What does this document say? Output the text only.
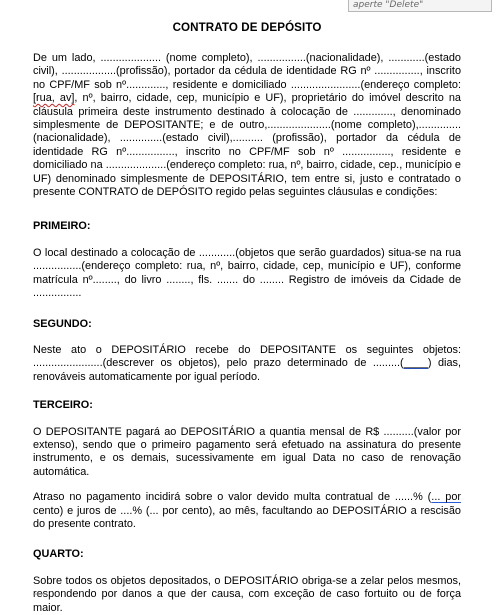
aperte "Delete"
CONTRATO DE DEPÓSITO

De um lado, .................... (nome completo), ................(nacionalidade), ............(estado civil), ..................(profissão), portador da cédula de identidade RG nº ..............., inscrito no CPF/MF sob nº............., residente e domiciliado .......................(endereço completo: [rua, av], nº, bairro, cidade, cep, município e UF), proprietário do imóvel descrito na cláusula primeira deste instrumento destinado à colocação de ............., denominado simplesmente de DEPOSITANTE; e de outro,.....................(nome completo),..............(nacionalidade), ..............(estado civil),.......... (profissão), portador da cédula de identidade RG nº................, inscrito no CPF/MF sob nº ................, residente e domiciliado na ....................(endereço completo: rua, nº, bairro, cidade, cep., município e UF) denominado simplesmente de DEPOSITÁRIO, tem entre si, justo e contratado o presente CONTRATO de DEPÓSITO regido pelas seguintes cláusulas e condições:

PRIMEIRO:

O local destinado a colocação de ............(objetos que serão guardados) situa-se na rua ................(endereço completo: rua, nº, bairro, cidade, cep, município e UF), conforme matrícula nº........, do livro ........, fls. ....... do ........ Registro de imóveis da Cidade de ................

SEGUNDO:

Neste ato o DEPOSITÁRIO recebe do DEPOSITANTE os seguintes objetos: .......................(descrever os objetos), pelo prazo determinado de .........(____) dias, renováveis automaticamente por igual período.

TERCEIRO:

O DEPOSITANTE pagará ao DEPOSITÁRIO a quantia mensal de R$ ..........(valor por extenso), sendo que o primeiro pagamento será efetuado na assinatura do presente instrumento, e os demais, sucessivamente em igual Data no caso de renovação automática.

Atraso no pagamento incidirá sobre o valor devido multa contratual de ......% (... por cento) e juros de ....% (... por cento), ao mês, facultando ao DEPOSITÁRIO a rescisão do presente contrato.

QUARTO:

Sobre todos os objetos depositados, o DEPOSITÁRIO obriga-se a zelar pelos mesmos, respondendo por danos a que der causa, com exceção de caso fortuito ou de força maior.
